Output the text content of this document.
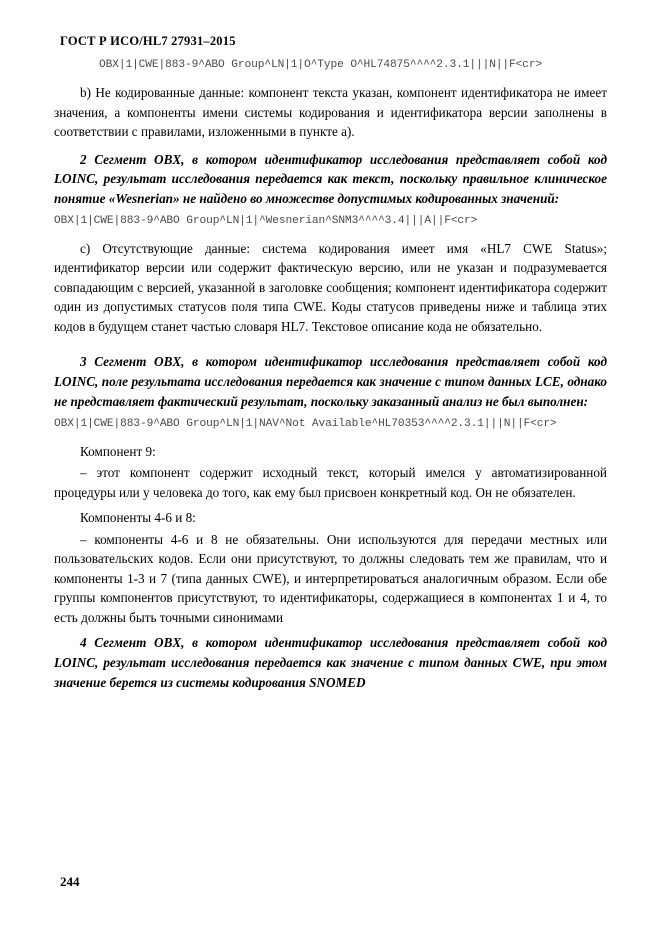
ГОСТ Р ИСО/HL7 27931–2015
OBX|1|CWE|883-9^ABO Group^LN|1|O^Type O^HL74875^^^^2.3.1|||N||F<cr>

b) Не кодированные данные: компонент текста указан, компонент идентификатора не имеет значения, а компоненты имени системы кодирования и идентификатора версии заполнены в соответствии с правилами, изложенными в пункте а).

2 Сегмент OBX, в котором идентификатор исследования представляет собой код LOINC, результат исследования передается как текст, поскольку правильное клиническое понятие «Wesnerian» не найдено во множестве допустимых кодированных значений:

OBX|1|CWE|883-9^ABO Group^LN|1|^Wesnerian^SNM3^^^^3.4|||A||F<cr>

c) Отсутствующие данные: система кодирования имеет имя «HL7 CWE Status»; идентификатор версии или содержит фактическую версию, или не указан и подразумевается совпадающим с версией, указанной в заголовке сообщения; компонент идентификатора содержит один из допустимых статусов поля типа CWE. Коды статусов приведены ниже и таблица этих кодов в будущем станет частью словаря HL7. Текстовое описание кода не обязательно.

3 Сегмент OBX, в котором идентификатор исследования представляет собой код LOINC, поле результата исследования передается как значение с типом данных LCE, однако не представляет фактический результат, поскольку заказанный анализ не был выполнен:

OBX|1|CWE|883-9^ABO Group^LN|1|NAV^Not Available^HL70353^^^^2.3.1|||N||F<cr>

Компонент 9:

– этот компонент содержит исходный текст, который имелся у автоматизированной процедуры или у человека до того, как ему был присвоен конкретный код. Он не обязателен.

Компоненты 4-6 и 8:

– компоненты 4-6 и 8 не обязательны. Они используются для передачи местных или пользовательских кодов. Если они присутствуют, то должны следовать тем же правилам, что и компоненты 1-3 и 7 (типа данных CWE), и интерпретироваться аналогичным образом. Если обе группы компонентов присутствуют, то идентификаторы, содержащиеся в компонентах 1 и 4, то есть должны быть точными синонимами

4 Сегмент OBX, в котором идентификатор исследования представляет собой код LOINC, результат исследования передается как значение с типом данных CWE, при этом значение берется из системы кодирования SNOMED

244
